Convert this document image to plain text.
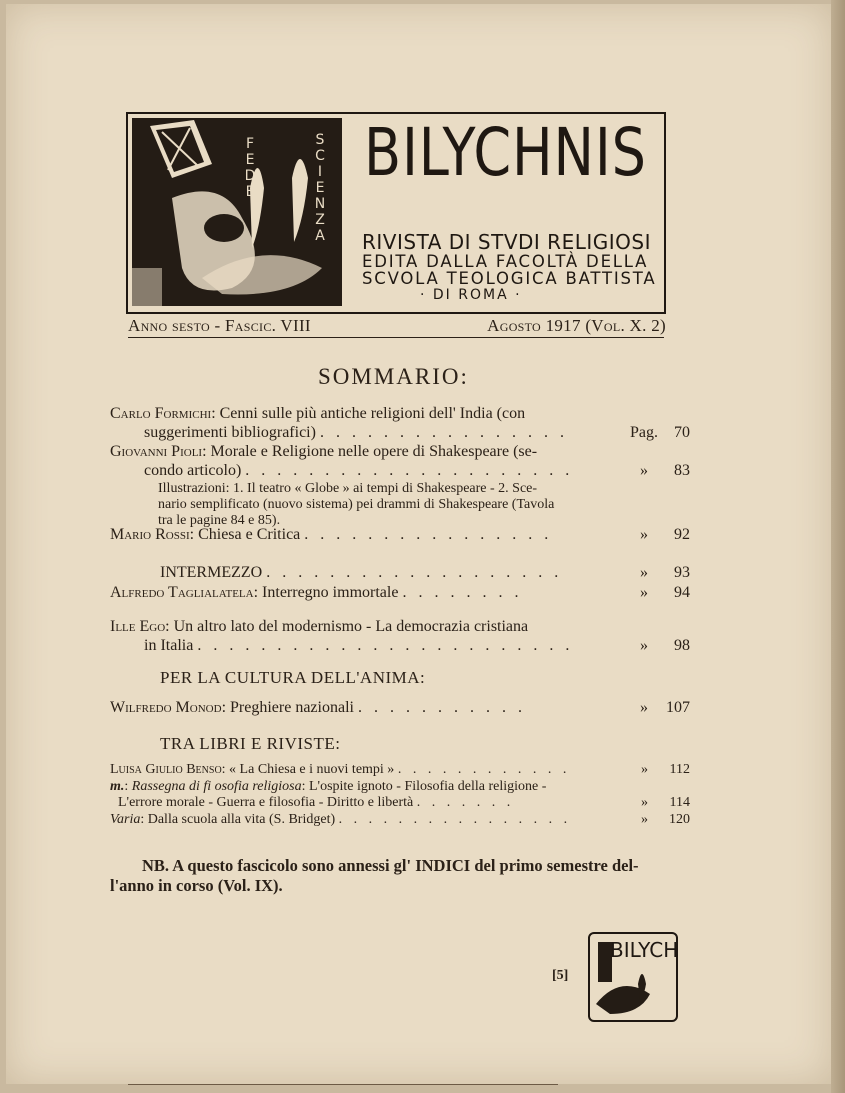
FEDE	SCIENZA BILYCHNIS
RIVISTA DI STVDI RELIGIOSI
EDITA DALLA FACOLTÀ DELLA
SCVOLA TEOLOGICA BATTISTA
· DI ROMA ·
Anno sesto - Fascic. VIII	Agosto 1917 (Vol. X. 2)
SOMMARIO:
Carlo Formichi: Cenni sulle più antiche religioni dell' India (con
suggerimenti bibliografici) . . . . . . . . . . . . . . . .	Pag. 70
Giovanni Pioli: Morale e Religione nelle opere di Shakespeare (se-
condo articolo) . . . . . . . . . . . . . . . . . . . . .	» 83
Illustrazioni: 1. Il teatro « Globe » ai tempi di Shakespeare - 2. Sce-
nario semplificato (nuovo sistema) pei drammi di Shakespeare (Tavola
tra le pagine 84 e 85).
Mario Rossi: Chiesa e Critica . . . . . . . . . . . . . . . .	» 92
INTERMEZZO . . . . . . . . . . . . . . . . . . .	» 93
Alfredo Taglialatela: Interregno immortale . . . . . . . .	» 94
Ille Ego: Un altro lato del modernismo - La democrazia cristiana
in Italia . . . . . . . . . . . . . . . . . . . . . . . .	» 98
PER LA CULTURA DELL'ANIMA:
Wilfredo Monod: Preghiere nazionali . . . . . . . . . . .	» 107
TRA LIBRI E RIVISTE:
Luisa Giulio Benso: « La Chiesa e i nuovi tempi » . . . . . . . . . . . .	» 112
m.: Rassegna di fi osofia religiosa: L'ospite ignoto - Filosofia della religione -
L'errore morale - Guerra e filosofia - Diritto e libertà . . . . . . .	» 114
Varia: Dalla scuola alla vita (S. Bridget) . . . . . . . . . . . . . . . .	» 120
NB. A questo fascicolo sono annessi gl' INDICI del primo semestre del-
l'anno in corso (Vol. IX).
[5]
BILYCH
